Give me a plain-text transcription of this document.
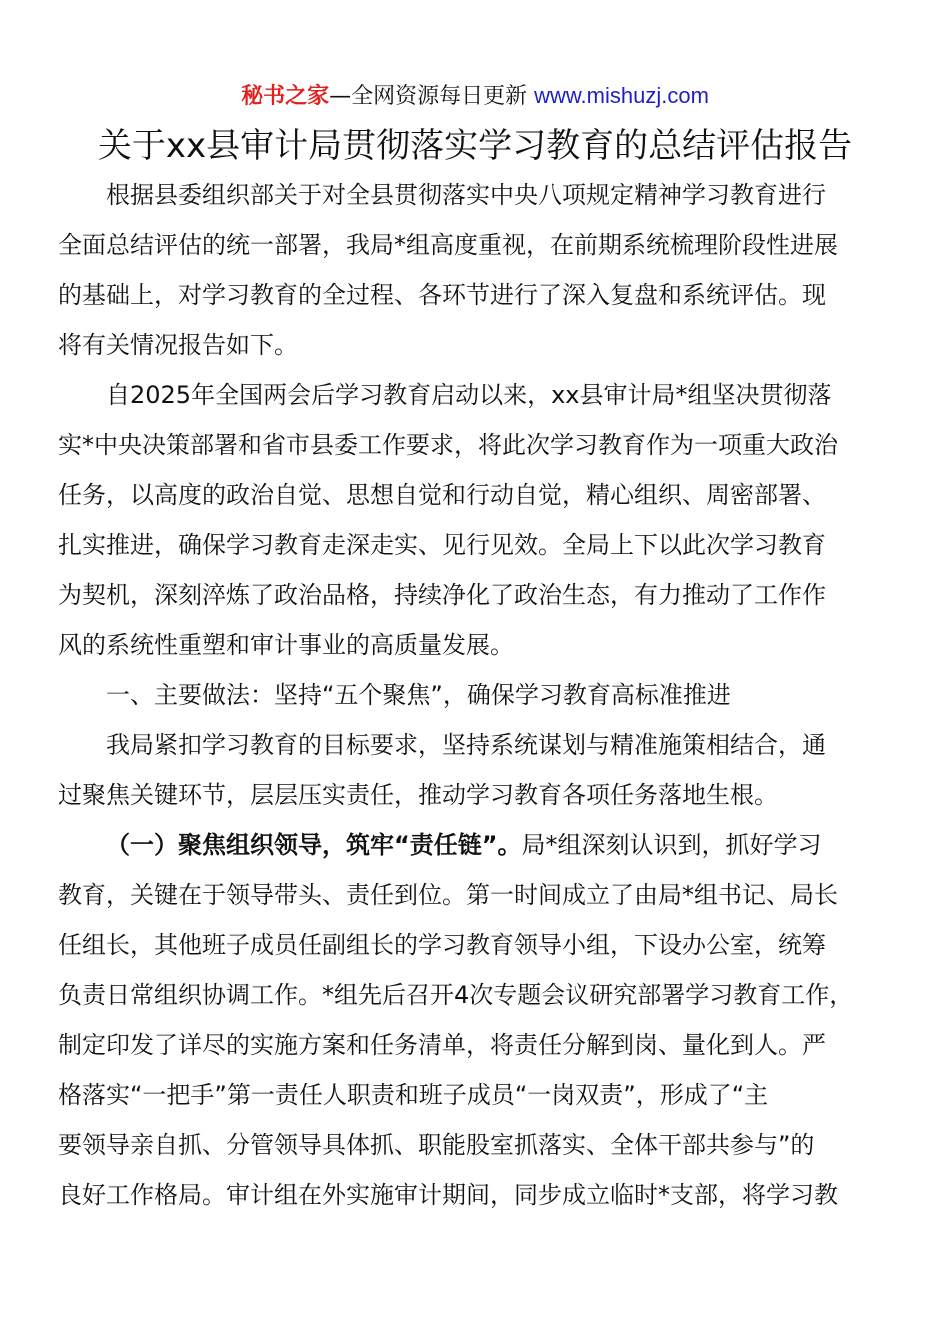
秘书之家—全网资源每日更新 www.mishuzj.com
关于xx县审计局贯彻落实学习教育的总结评估报告

根据县委组织部关于对全县贯彻落实中央八项规定精神学习教育进行
全面总结评估的统一部署，我局*组高度重视，在前期系统梳理阶段性进展
的基础上，对学习教育的全过程、各环节进行了深入复盘和系统评估。现
将有关情况报告如下。

自2025年全国两会后学习教育启动以来，xx县审计局*组坚决贯彻落
实*中央决策部署和省市县委工作要求，将此次学习教育作为一项重大政治
任务，以高度的政治自觉、思想自觉和行动自觉，精心组织、周密部署、
扎实推进，确保学习教育走深走实、见行见效。全局上下以此次学习教育
为契机，深刻淬炼了政治品格，持续净化了政治生态，有力推动了工作作
风的系统性重塑和审计事业的高质量发展。

一、主要做法：坚持“五个聚焦”，确保学习教育高标准推进

我局紧扣学习教育的目标要求，坚持系统谋划与精准施策相结合，通
过聚焦关键环节，层层压实责任，推动学习教育各项任务落地生根。

（一）聚焦组织领导，筑牢“责任链”。局*组深刻认识到，抓好学习
教育，关键在于领导带头、责任到位。第一时间成立了由局*组书记、局长
任组长，其他班子成员任副组长的学习教育领导小组，下设办公室，统筹
负责日常组织协调工作。*组先后召开4次专题会议研究部署学习教育工作，
制定印发了详尽的实施方案和任务清单，将责任分解到岗、量化到人。严
格落实“一把手”第一责任人职责和班子成员“一岗双责”，形成了“主
要领导亲自抓、分管领导具体抓、职能股室抓落实、全体干部共参与”的
良好工作格局。审计组在外实施审计期间，同步成立临时*支部，将学习教
